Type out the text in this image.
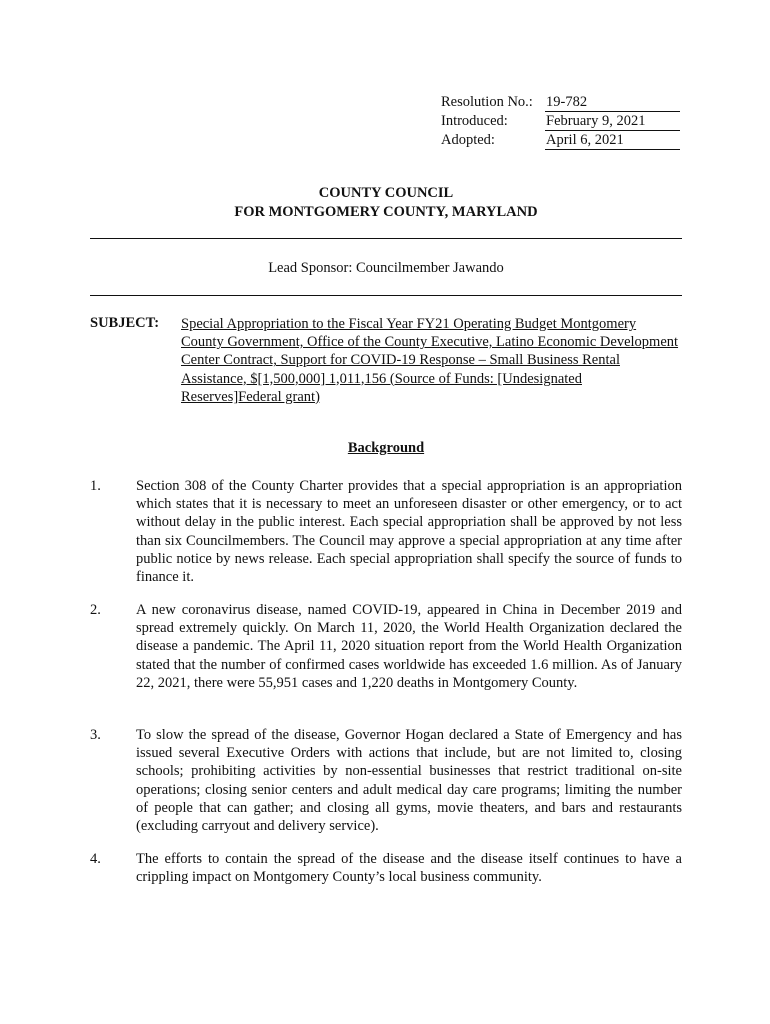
Resolution No.: 19-782
Introduced:	February 9, 2021
Adopted:	April 6, 2021
COUNTY COUNCIL
FOR MONTGOMERY COUNTY, MARYLAND
Lead Sponsor: Councilmember Jawando
SUBJECT: Special Appropriation to the Fiscal Year FY21 Operating Budget Montgomery County Government, Office of the County Executive, Latino Economic Development Center Contract, Support for COVID-19 Response – Small Business Rental Assistance, $[1,500,000] 1,011,156 (Source of Funds: [Undesignated Reserves]Federal grant)
Background
1. Section 308 of the County Charter provides that a special appropriation is an appropriation which states that it is necessary to meet an unforeseen disaster or other emergency, or to act without delay in the public interest. Each special appropriation shall be approved by not less than six Councilmembers. The Council may approve a special appropriation at any time after public notice by news release. Each special appropriation shall specify the source of funds to finance it.
2. A new coronavirus disease, named COVID-19, appeared in China in December 2019 and spread extremely quickly. On March 11, 2020, the World Health Organization declared the disease a pandemic. The April 11, 2020 situation report from the World Health Organization stated that the number of confirmed cases worldwide has exceeded 1.6 million. As of January 22, 2021, there were 55,951 cases and 1,220 deaths in Montgomery County.
3. To slow the spread of the disease, Governor Hogan declared a State of Emergency and has issued several Executive Orders with actions that include, but are not limited to, closing schools; prohibiting activities by non-essential businesses that restrict traditional on-site operations; closing senior centers and adult medical day care programs; limiting the number of people that can gather; and closing all gyms, movie theaters, and bars and restaurants (excluding carryout and delivery service).
4. The efforts to contain the spread of the disease and the disease itself continues to have a crippling impact on Montgomery County’s local business community.
